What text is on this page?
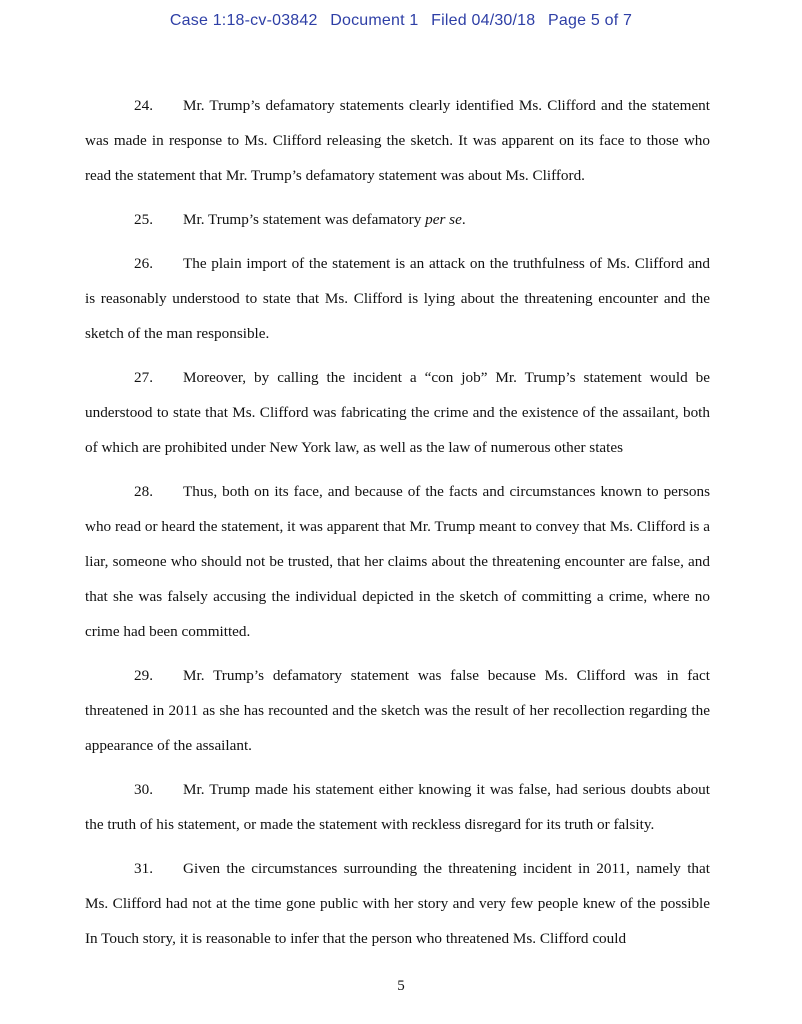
Case 1:18-cv-03842 Document 1 Filed 04/30/18 Page 5 of 7

24. Mr. Trump’s defamatory statements clearly identified Ms. Clifford and the statement was made in response to Ms. Clifford releasing the sketch. It was apparent on its face to those who read the statement that Mr. Trump’s defamatory statement was about Ms. Clifford.

25. Mr. Trump’s statement was defamatory per se.

26. The plain import of the statement is an attack on the truthfulness of Ms. Clifford and is reasonably understood to state that Ms. Clifford is lying about the threatening encounter and the sketch of the man responsible.

27. Moreover, by calling the incident a “con job” Mr. Trump’s statement would be understood to state that Ms. Clifford was fabricating the crime and the existence of the assailant, both of which are prohibited under New York law, as well as the law of numerous other states

28. Thus, both on its face, and because of the facts and circumstances known to persons who read or heard the statement, it was apparent that Mr. Trump meant to convey that Ms. Clifford is a liar, someone who should not be trusted, that her claims about the threatening encounter are false, and that she was falsely accusing the individual depicted in the sketch of committing a crime, where no crime had been committed.

29. Mr. Trump’s defamatory statement was false because Ms. Clifford was in fact threatened in 2011 as she has recounted and the sketch was the result of her recollection regarding the appearance of the assailant.

30. Mr. Trump made his statement either knowing it was false, had serious doubts about the truth of his statement, or made the statement with reckless disregard for its truth or falsity.

31. Given the circumstances surrounding the threatening incident in 2011, namely that Ms. Clifford had not at the time gone public with her story and very few people knew of the possible In Touch story, it is reasonable to infer that the person who threatened Ms. Clifford could

5
